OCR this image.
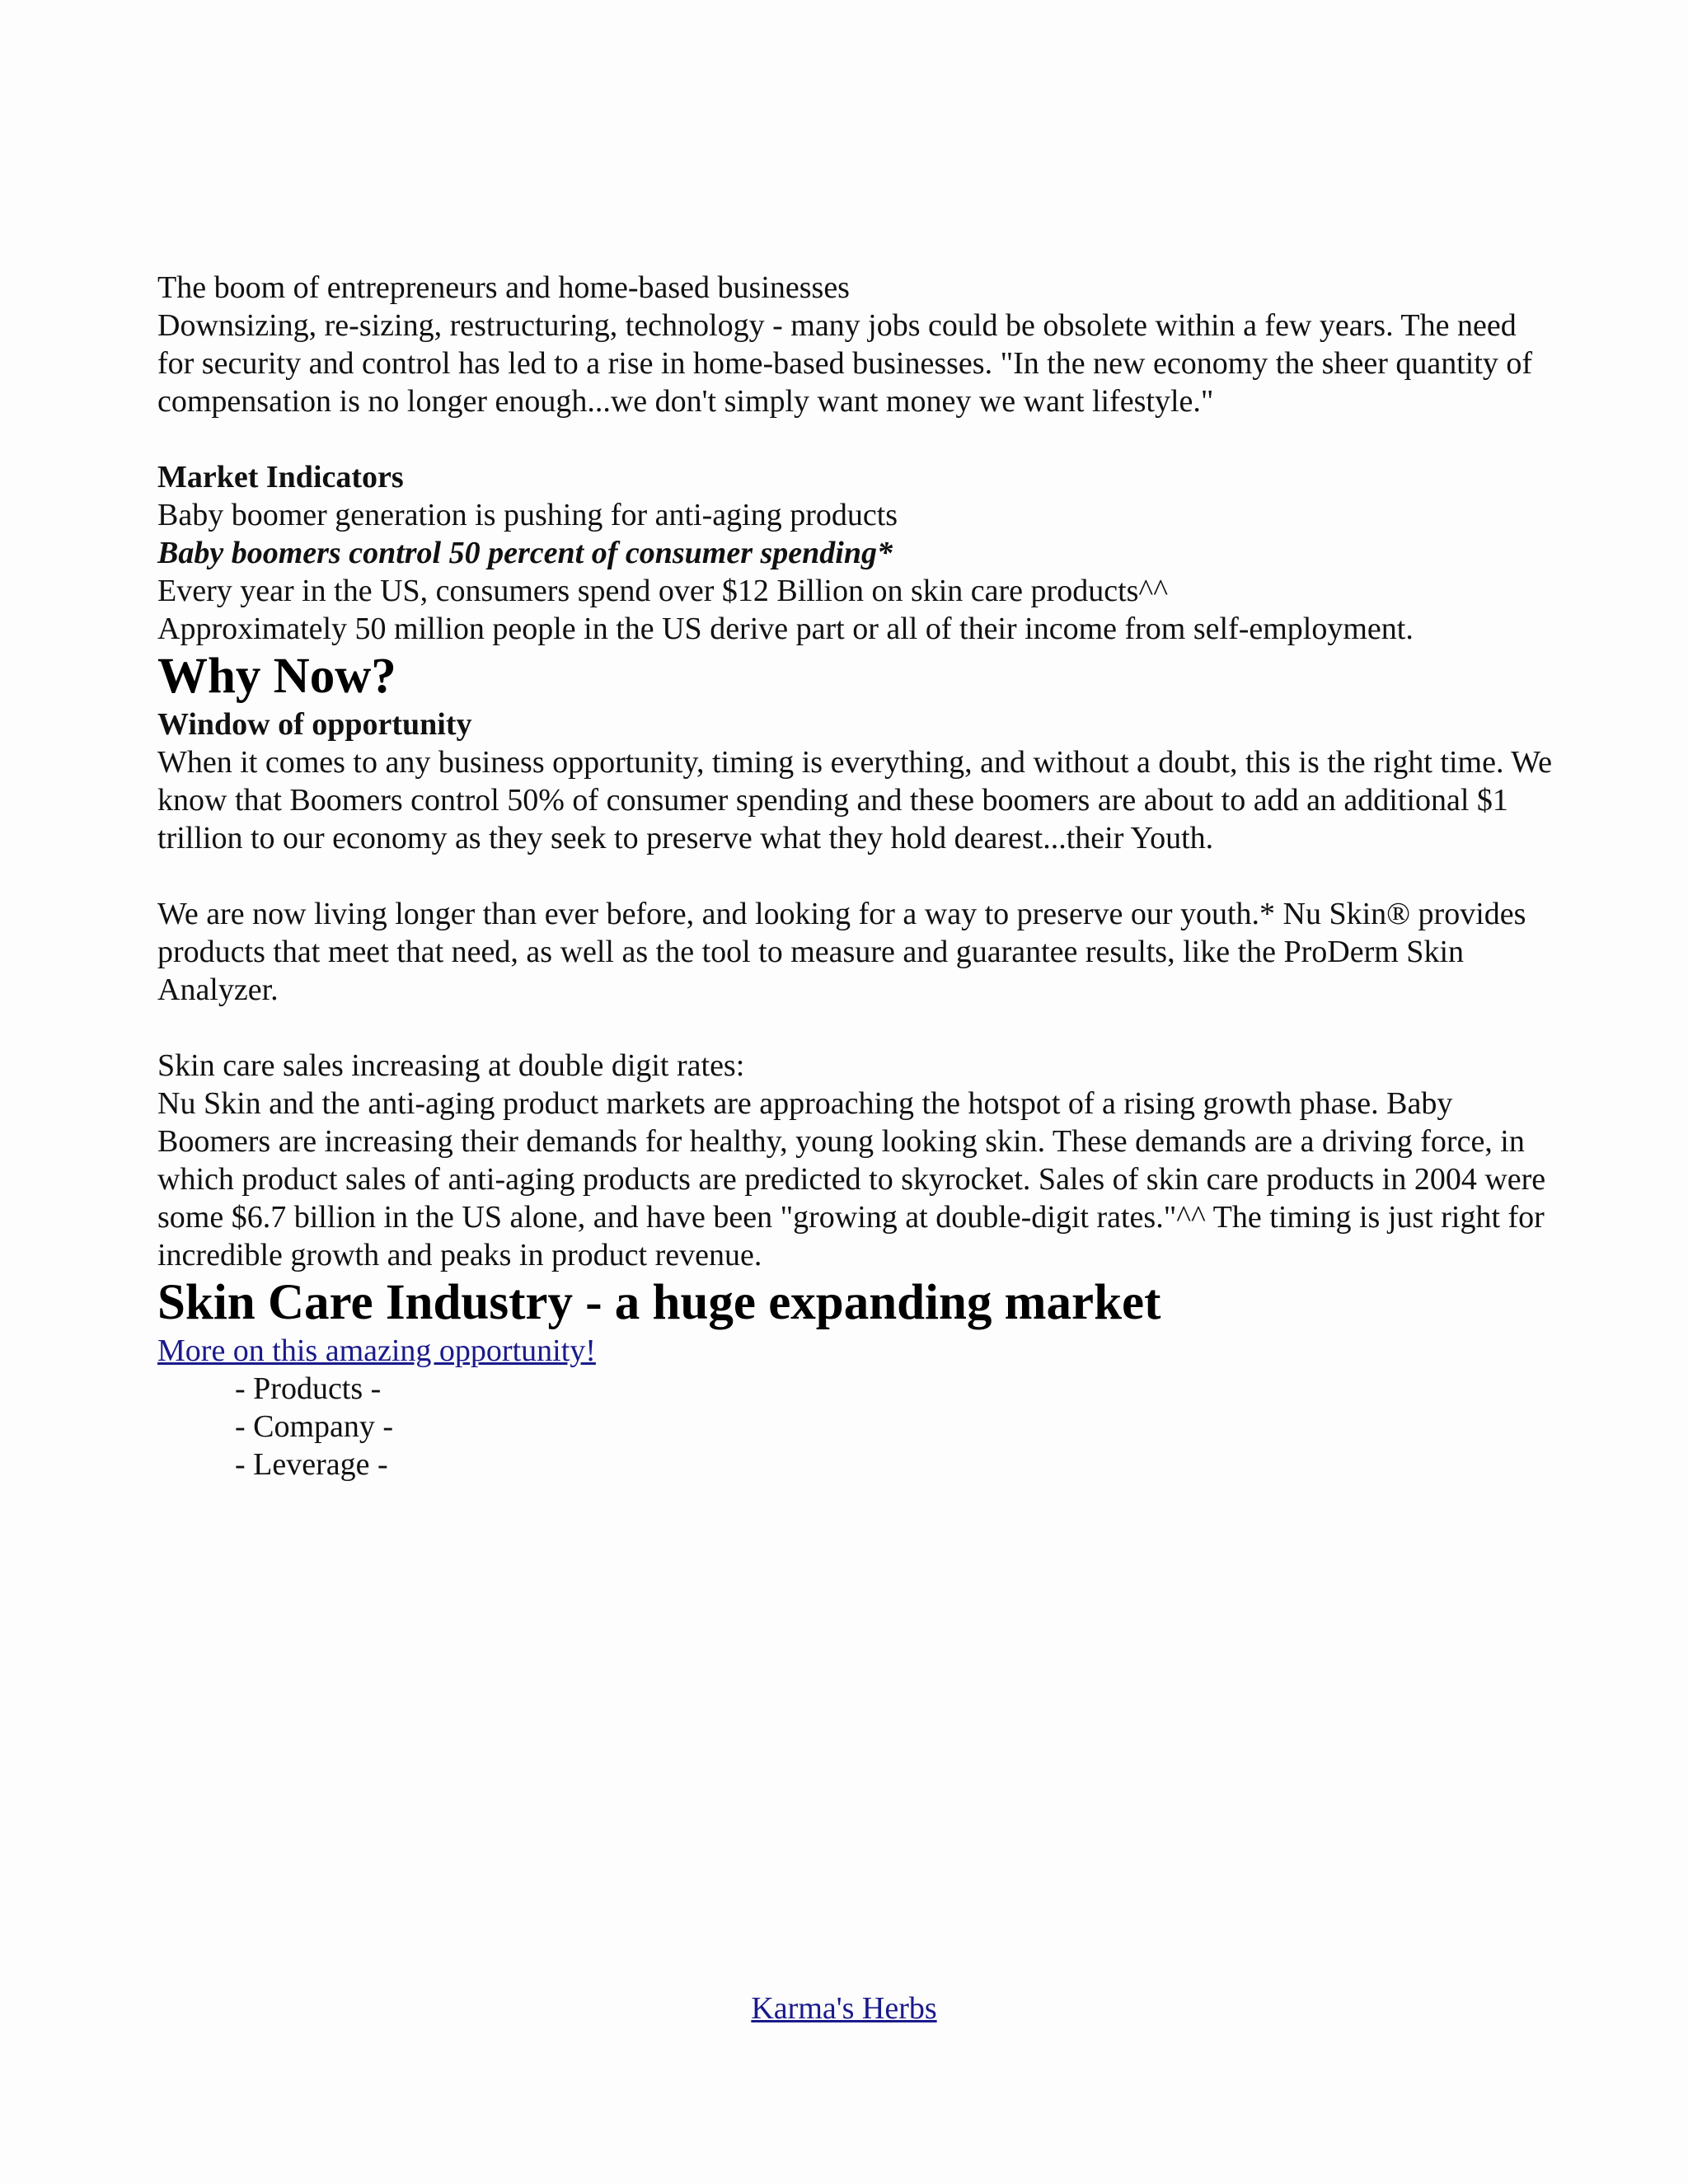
The boom of entrepreneurs and home-based businesses

Downsizing, re-sizing, restructuring, technology - many jobs could be obsolete within a few years. The need for security and control has led to a rise in home-based businesses. "In the new economy the sheer quantity of compensation is no longer enough...we don't simply want money we want lifestyle."

Market Indicators
Baby boomer generation is pushing for anti-aging products
Baby boomers control 50 percent of consumer spending*
Every year in the US, consumers spend over $12 Billion on skin care products^^
Approximately 50 million people in the US derive part or all of their income from self-employment.
Why Now?
Window of opportunity

When it comes to any business opportunity, timing is everything, and without a doubt, this is the right time. We know that Boomers control 50% of consumer spending and these boomers are about to add an additional $1 trillion to our economy as they seek to preserve what they hold dearest...their Youth.

We are now living longer than ever before, and looking for a way to preserve our youth.* Nu Skin® provides products that meet that need, as well as the tool to measure and guarantee results, like the ProDerm Skin Analyzer.

Skin care sales increasing at double digit rates:

Nu Skin and the anti-aging product markets are approaching the hotspot of a rising growth phase. Baby Boomers are increasing their demands for healthy, young looking skin. These demands are a driving force, in which product sales of anti-aging products are predicted to skyrocket. Sales of skin care products in 2004 were some $6.7 billion in the US alone, and have been "growing at double-digit rates."^^ The timing is just right for incredible growth and peaks in product revenue.

Skin Care Industry - a huge expanding market
More on this amazing opportunity!
- Products -
- Company -
- Leverage -
Karma's Herbs
